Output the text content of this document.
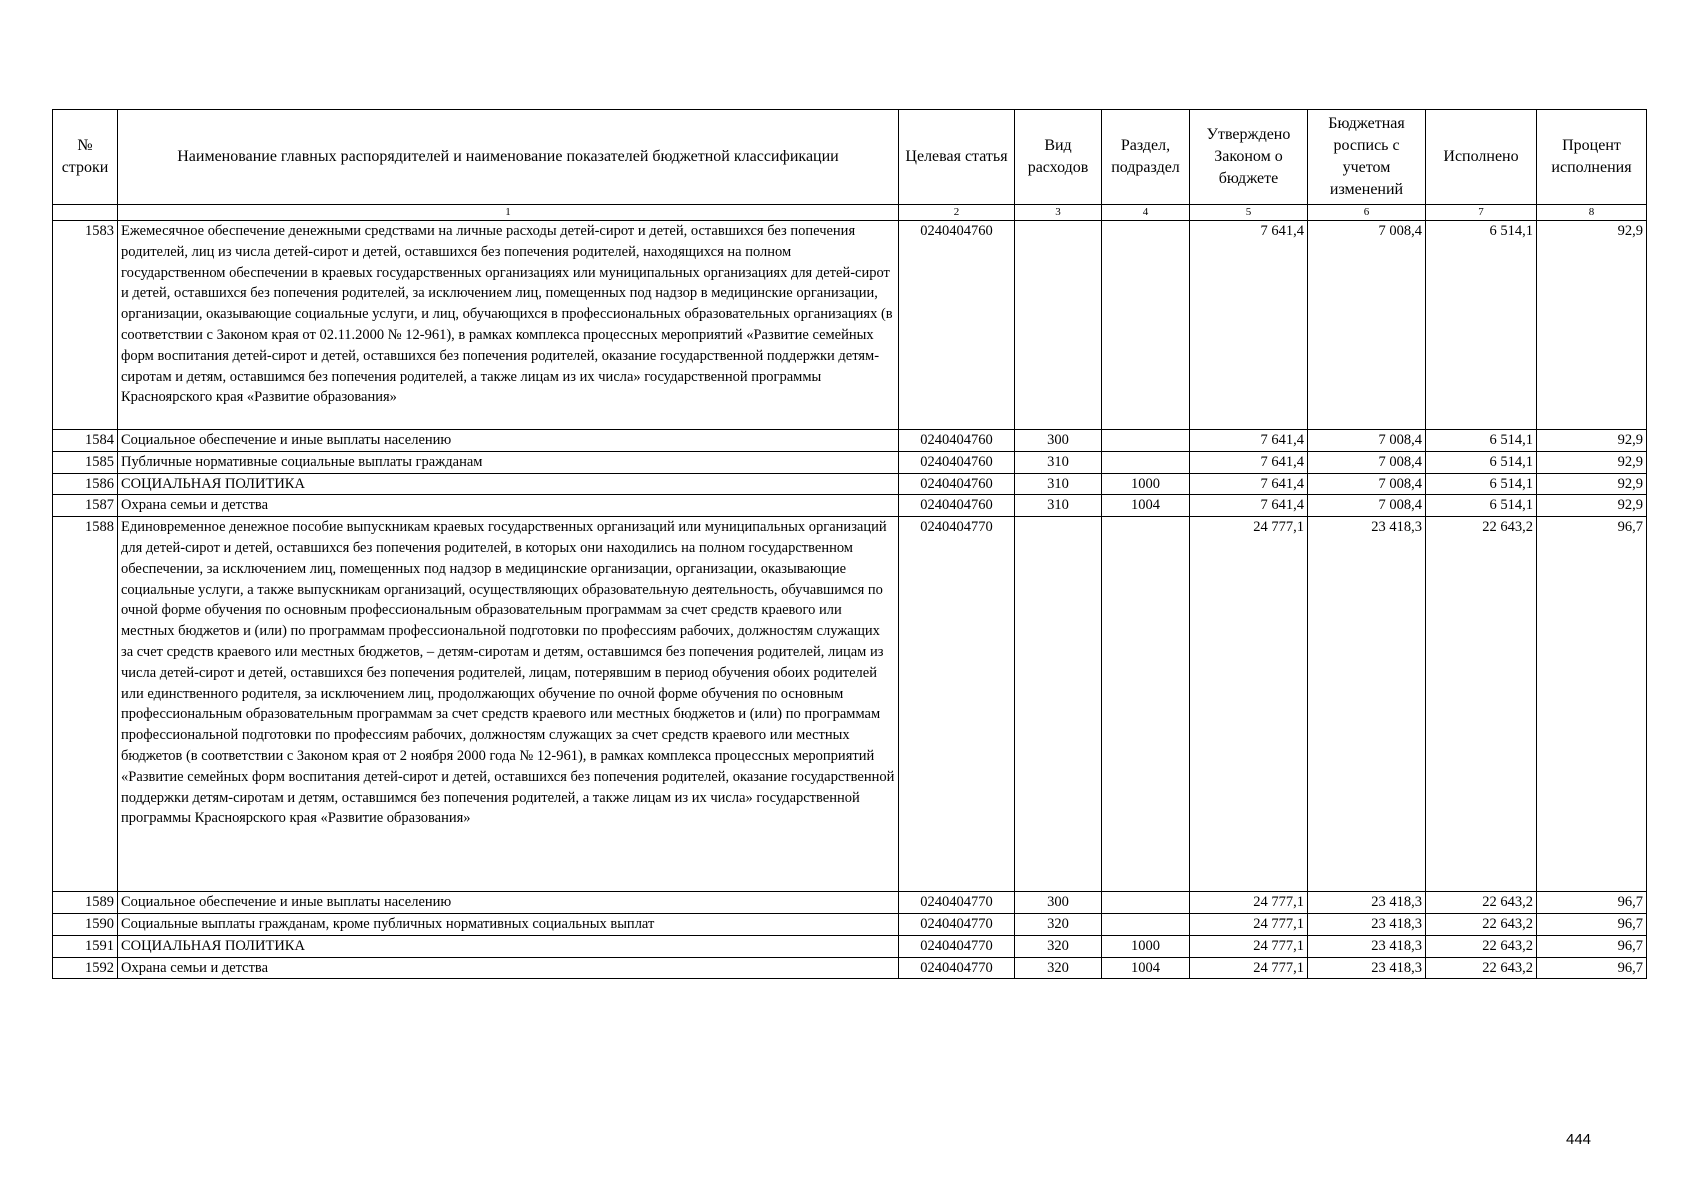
№ строки	Наименование главных распорядителей и наименование показателей бюджетной классификации	Целевая статья	Вид расходов	Раздел, подраздел	Утверждено Законом о бюджете	Бюджетная роспись с учетом изменений	Исполнено	Процент исполнения
	1	2	3	4	5	6	7	8
1583	Ежемесячное обеспечение денежными средствами на личные расходы детей-сирот и детей, оставшихся без попечения родителей, лиц из числа детей-сирот и детей, оставшихся без попечения родителей, находящихся на полном государственном обеспечении в краевых государственных организациях или муниципальных организациях для детей-сирот и детей, оставшихся без попечения родителей, за исключением лиц, помещенных под надзор в медицинские организации, организации, оказывающие социальные услуги, и лиц, обучающихся в профессиональных образовательных организациях (в соответствии с Законом края от 02.11.2000 № 12-961), в рамках комплекса процессных мероприятий «Развитие семейных форм воспитания детей-сирот и детей, оставшихся без попечения родителей, оказание государственной поддержки детям-сиротам и детям, оставшимся без попечения родителей, а также лицам из их числа» государственной программы Красноярского края «Развитие образования»	0240404760			7 641,4	7 008,4	6 514,1	92,9
1584	Социальное обеспечение и иные выплаты населению	0240404760	300		7 641,4	7 008,4	6 514,1	92,9
1585	Публичные нормативные социальные выплаты гражданам	0240404760	310		7 641,4	7 008,4	6 514,1	92,9
1586	СОЦИАЛЬНАЯ ПОЛИТИКА	0240404760	310	1000	7 641,4	7 008,4	6 514,1	92,9
1587	Охрана семьи и детства	0240404760	310	1004	7 641,4	7 008,4	6 514,1	92,9
1588	Единовременное денежное пособие выпускникам краевых государственных организаций или муниципальных организаций для детей-сирот и детей, оставшихся без попечения родителей, в которых они находились на полном государственном обеспечении, за исключением лиц, помещенных под надзор в медицинские организации, организации, оказывающие социальные услуги, а также выпускникам организаций, осуществляющих образовательную деятельность, обучавшимся по очной форме обучения по основным профессиональным образовательным программам за счет средств краевого или местных бюджетов и (или) по программам профессиональной подготовки по профессиям рабочих, должностям служащих за счет средств краевого или местных бюджетов, – детям-сиротам и детям, оставшимся без попечения родителей, лицам из числа детей-сирот и детей, оставшихся без попечения родителей, лицам, потерявшим в период обучения обоих родителей или единственного родителя, за исключением лиц, продолжающих обучение по очной форме обучения по основным профессиональным образовательным программам за счет средств краевого или местных бюджетов и (или) по программам профессиональной подготовки по профессиям рабочих, должностям служащих за счет средств краевого или местных бюджетов (в соответствии с Законом края от 2 ноября 2000 года № 12-961), в рамках комплекса процессных мероприятий «Развитие семейных форм воспитания детей-сирот и детей, оставшихся без попечения родителей, оказание государственной поддержки детям-сиротам и детям, оставшимся без попечения родителей, а также лицам из их числа» государственной программы Красноярского края «Развитие образования»	0240404770			24 777,1	23 418,3	22 643,2	96,7
1589	Социальное обеспечение и иные выплаты населению	0240404770	300		24 777,1	23 418,3	22 643,2	96,7
1590	Социальные выплаты гражданам, кроме публичных нормативных социальных выплат	0240404770	320		24 777,1	23 418,3	22 643,2	96,7
1591	СОЦИАЛЬНАЯ ПОЛИТИКА	0240404770	320	1000	24 777,1	23 418,3	22 643,2	96,7
1592	Охрана семьи и детства	0240404770	320	1004	24 777,1	23 418,3	22 643,2	96,7
444
